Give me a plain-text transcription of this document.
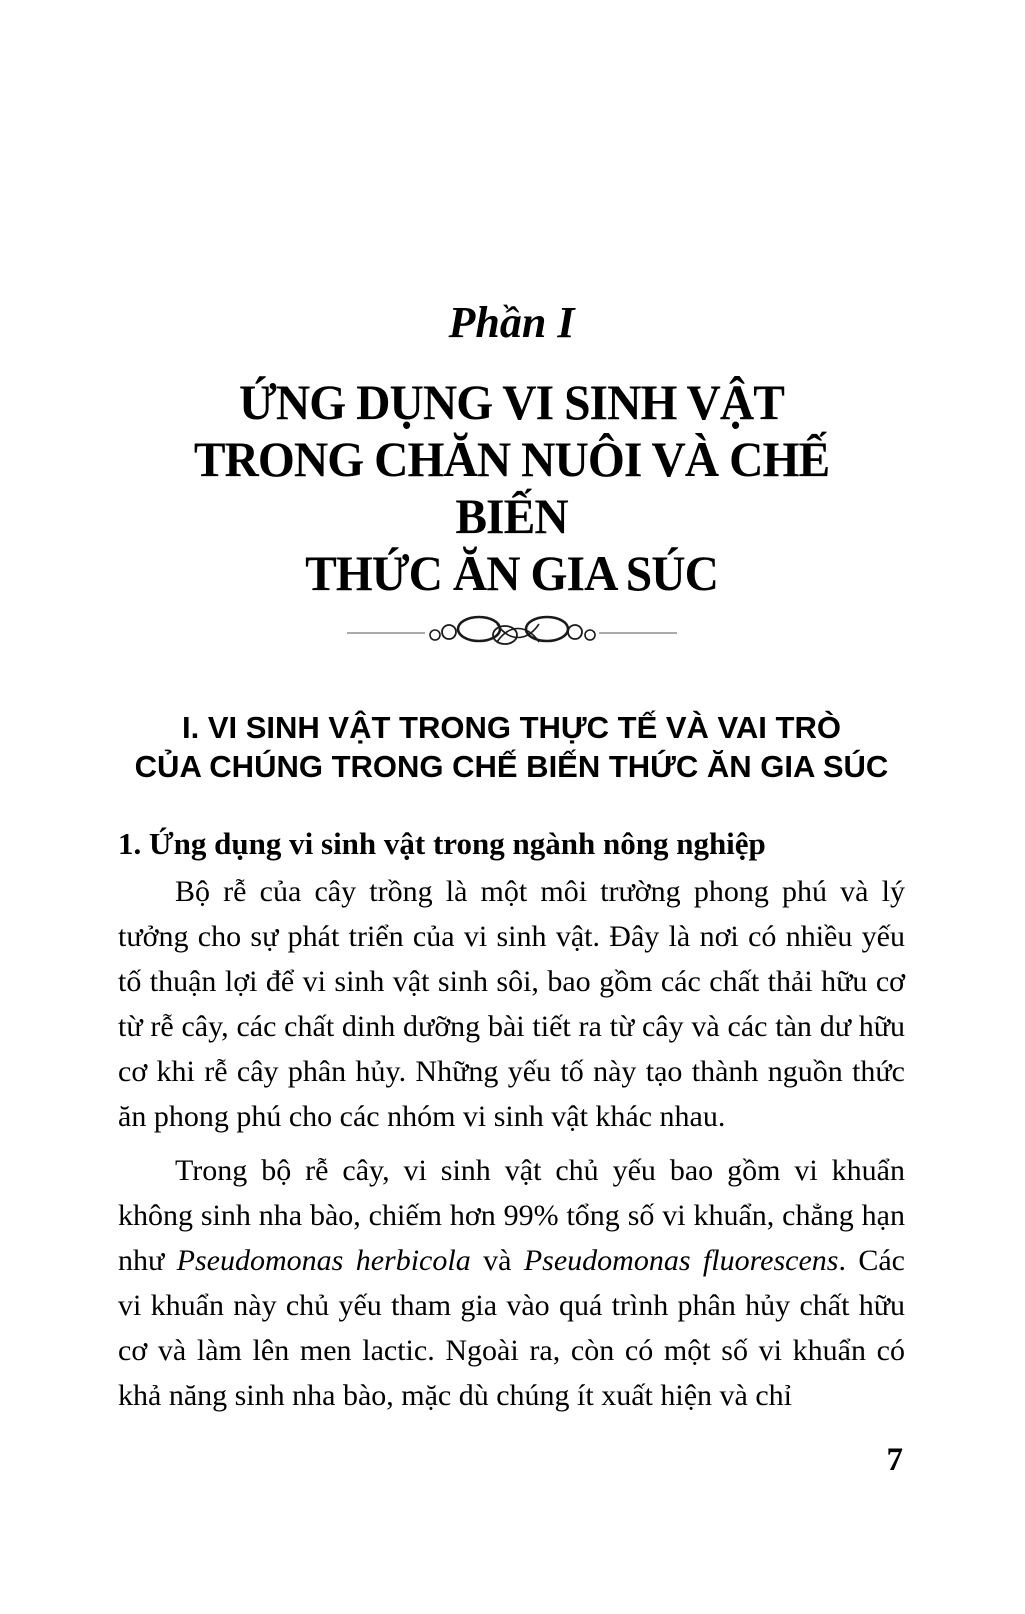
Phần I
ỨNG DỤNG VI SINH VẬT
TRONG CHĂN NUÔI VÀ CHẾ BIẾN
THỨC ĂN GIA SÚC
I. VI SINH VẬT TRONG THỰC TẾ VÀ VAI TRÒ
CỦA CHÚNG TRONG CHẾ BIẾN THỨC ĂN GIA SÚC
1. Ứng dụng vi sinh vật trong ngành nông nghiệp

Bộ rễ của cây trồng là một môi trường phong phú và lý tưởng cho sự phát triển của vi sinh vật. Đây là nơi có nhiều yếu tố thuận lợi để vi sinh vật sinh sôi, bao gồm các chất thải hữu cơ từ rễ cây, các chất dinh dưỡng bài tiết ra từ cây và các tàn dư hữu cơ khi rễ cây phân hủy. Những yếu tố này tạo thành nguồn thức ăn phong phú cho các nhóm vi sinh vật khác nhau.

Trong bộ rễ cây, vi sinh vật chủ yếu bao gồm vi khuẩn không sinh nha bào, chiếm hơn 99% tổng số vi khuẩn, chẳng hạn như Pseudomonas herbicola và Pseudomonas fluorescens. Các vi khuẩn này chủ yếu tham gia vào quá trình phân hủy chất hữu cơ và làm lên men lactic. Ngoài ra, còn có một số vi khuẩn có khả năng sinh nha bào, mặc dù chúng ít xuất hiện và chỉ

7
